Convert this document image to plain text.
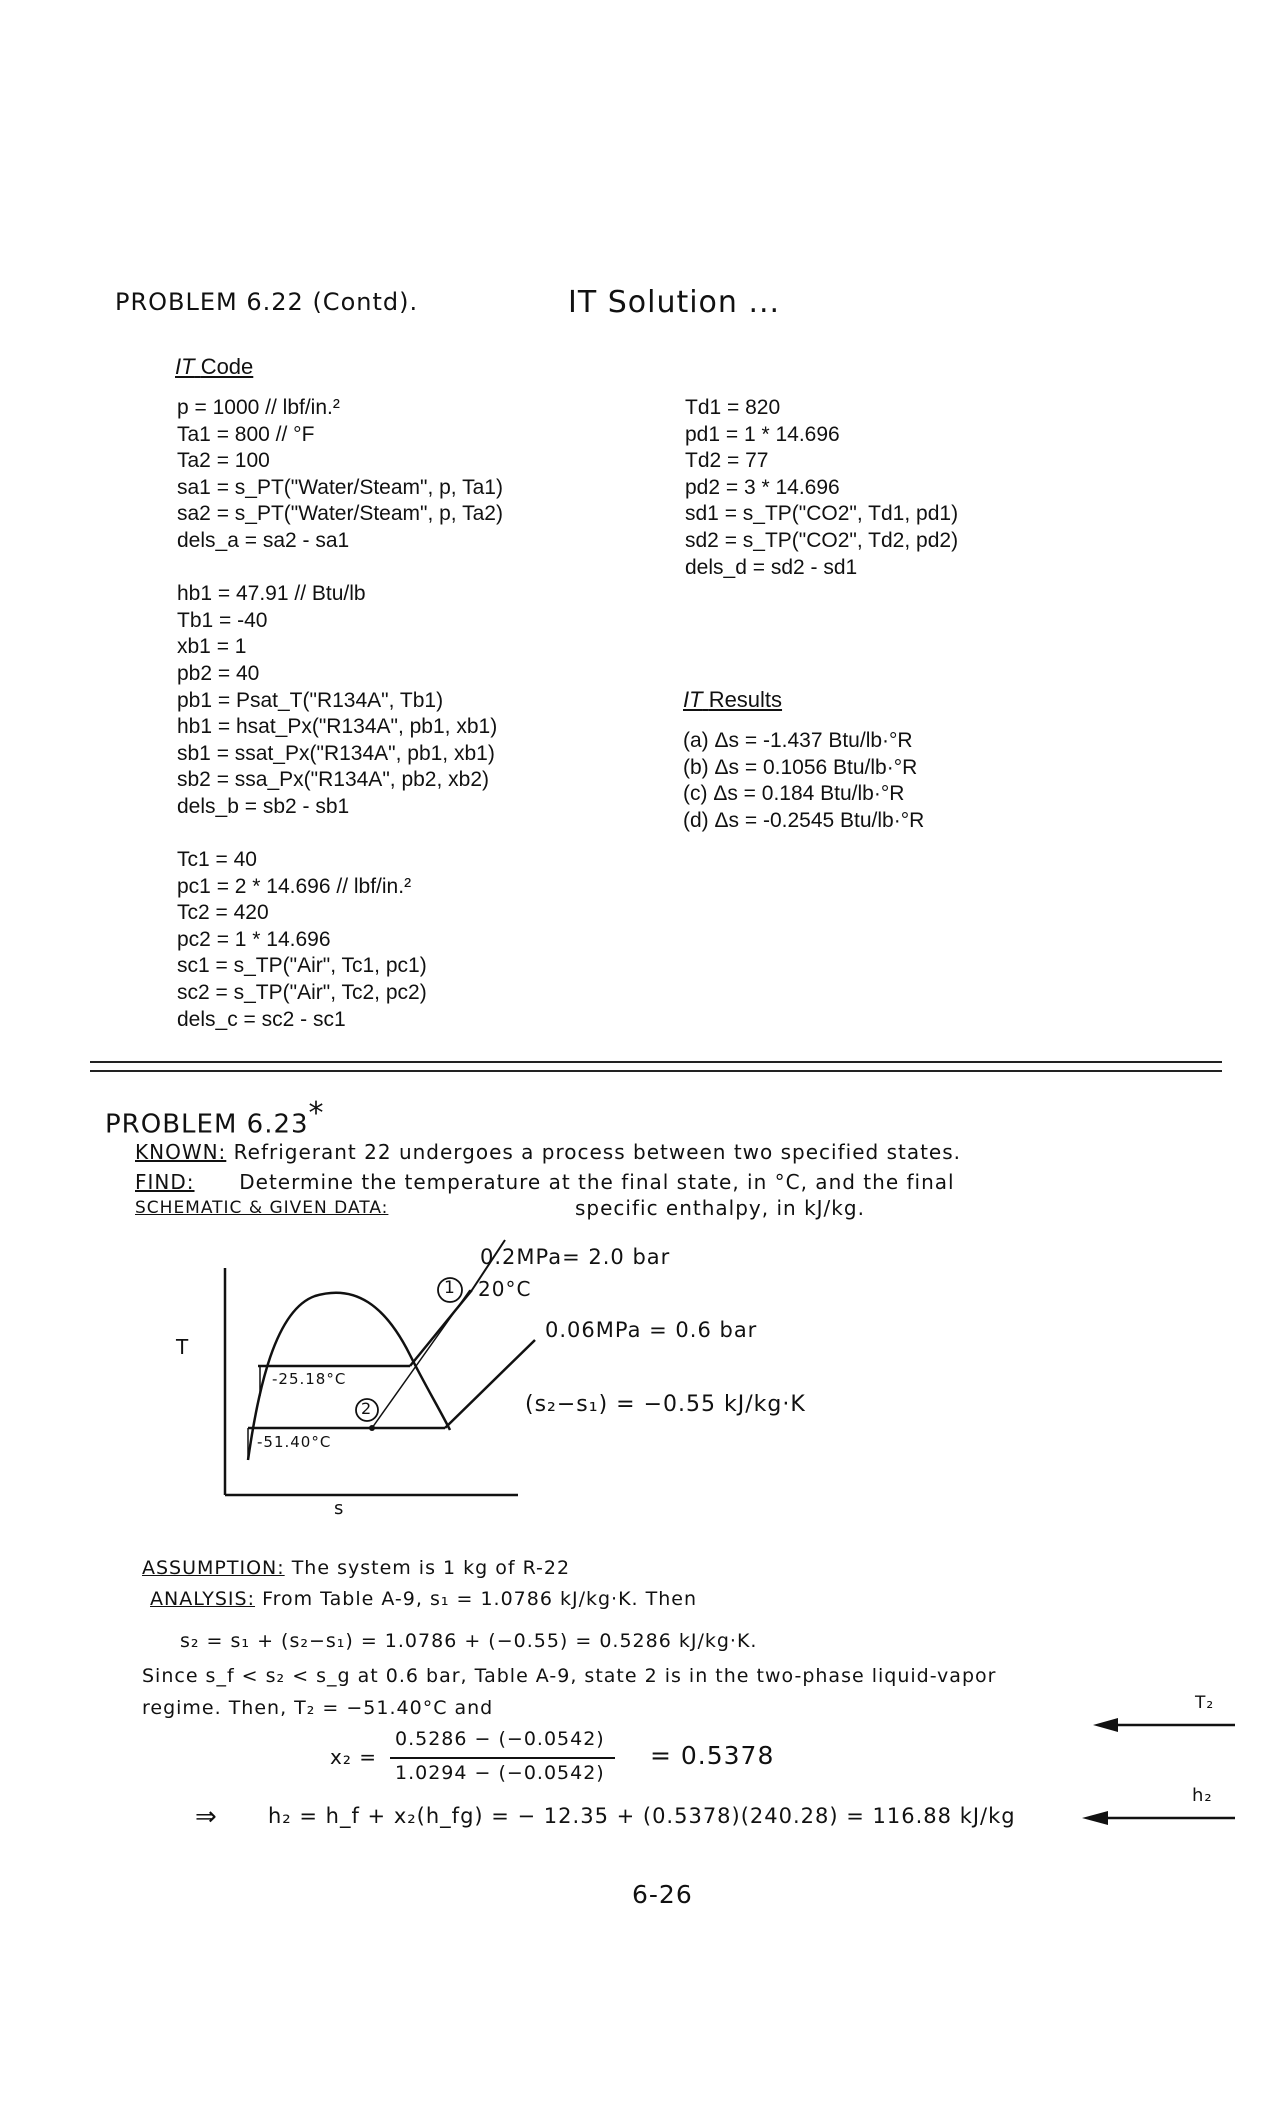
PROBLEM 6.22 (Contd).	IT Solution ...
IT Code
p = 1000 // lbf/in.²
Ta1 = 800 // °F
Ta2 = 100
sa1 = s_PT("Water/Steam", p, Ta1)
sa2 = s_PT("Water/Steam", p, Ta2)
dels_a = sa2 - sa1
hb1 = 47.91 // Btu/lb
Tb1 = -40
xb1 = 1
pb2 = 40
pb1 = Psat_T("R134A", Tb1)
hb1 = hsat_Px("R134A", pb1, xb1)
sb1 = ssat_Px("R134A", pb1, xb1)
sb2 = ssa_Px("R134A", pb2, xb2)
dels_b = sb2 - sb1
Tc1 = 40
pc1 = 2 * 14.696 // lbf/in.²
Tc2 = 420
pc2 = 1 * 14.696
sc1 = s_TP("Air", Tc1, pc1)
sc2 = s_TP("Air", Tc2, pc2)
dels_c = sc2 - sc1
Td1 = 820
pd1 = 1 * 14.696
Td2 = 77
pd2 = 3 * 14.696
sd1 = s_TP("CO2", Td1, pd1)
sd2 = s_TP("CO2", Td2, pd2)
dels_d = sd2 - sd1
IT Results
(a) Δs = -1.437 Btu/lb·°R
(b) Δs = 0.1056 Btu/lb·°R
(c) Δs = 0.184 Btu/lb·°R
(d) Δs = -0.2545 Btu/lb·°R
PROBLEM 6.23*
KNOWN: Refrigerant 22 undergoes a process between two specified states.
FIND: Determine the temperature at the final state, in °C, and the final
SCHEMATIC & GIVEN DATA:	specific enthalpy, in kJ/kg.
0.2MPa= 2.0 bar
1 20°C
0.06MPa = 0.6 bar
T
-25.18°C
2	(s₂−s₁) = −0.55 kJ/kg·K
-51.40°C
s
ASSUMPTION: The system is 1 kg of R-22
ANALYSIS: From Table A-9, s₁ = 1.0786 kJ/kg·K. Then
s₂ = s₁ + (s₂−s₁) = 1.0786 + (−0.55) = 0.5286 kJ/kg·K.
Since s_f < s₂ < s_g at 0.6 bar, Table A-9, state 2 is in the two-phase liquid-vapor
regime. Then, T₂ = −51.40°C and	T₂
x₂ =
0.5286 − (−0.0542)
1.0294 − (−0.0542)
= 0.5378
⇒ h₂ = h_f + x₂(h_fg) = − 12.35 + (0.5378)(240.28) = 116.88 kJ/kg
h₂
6-26
